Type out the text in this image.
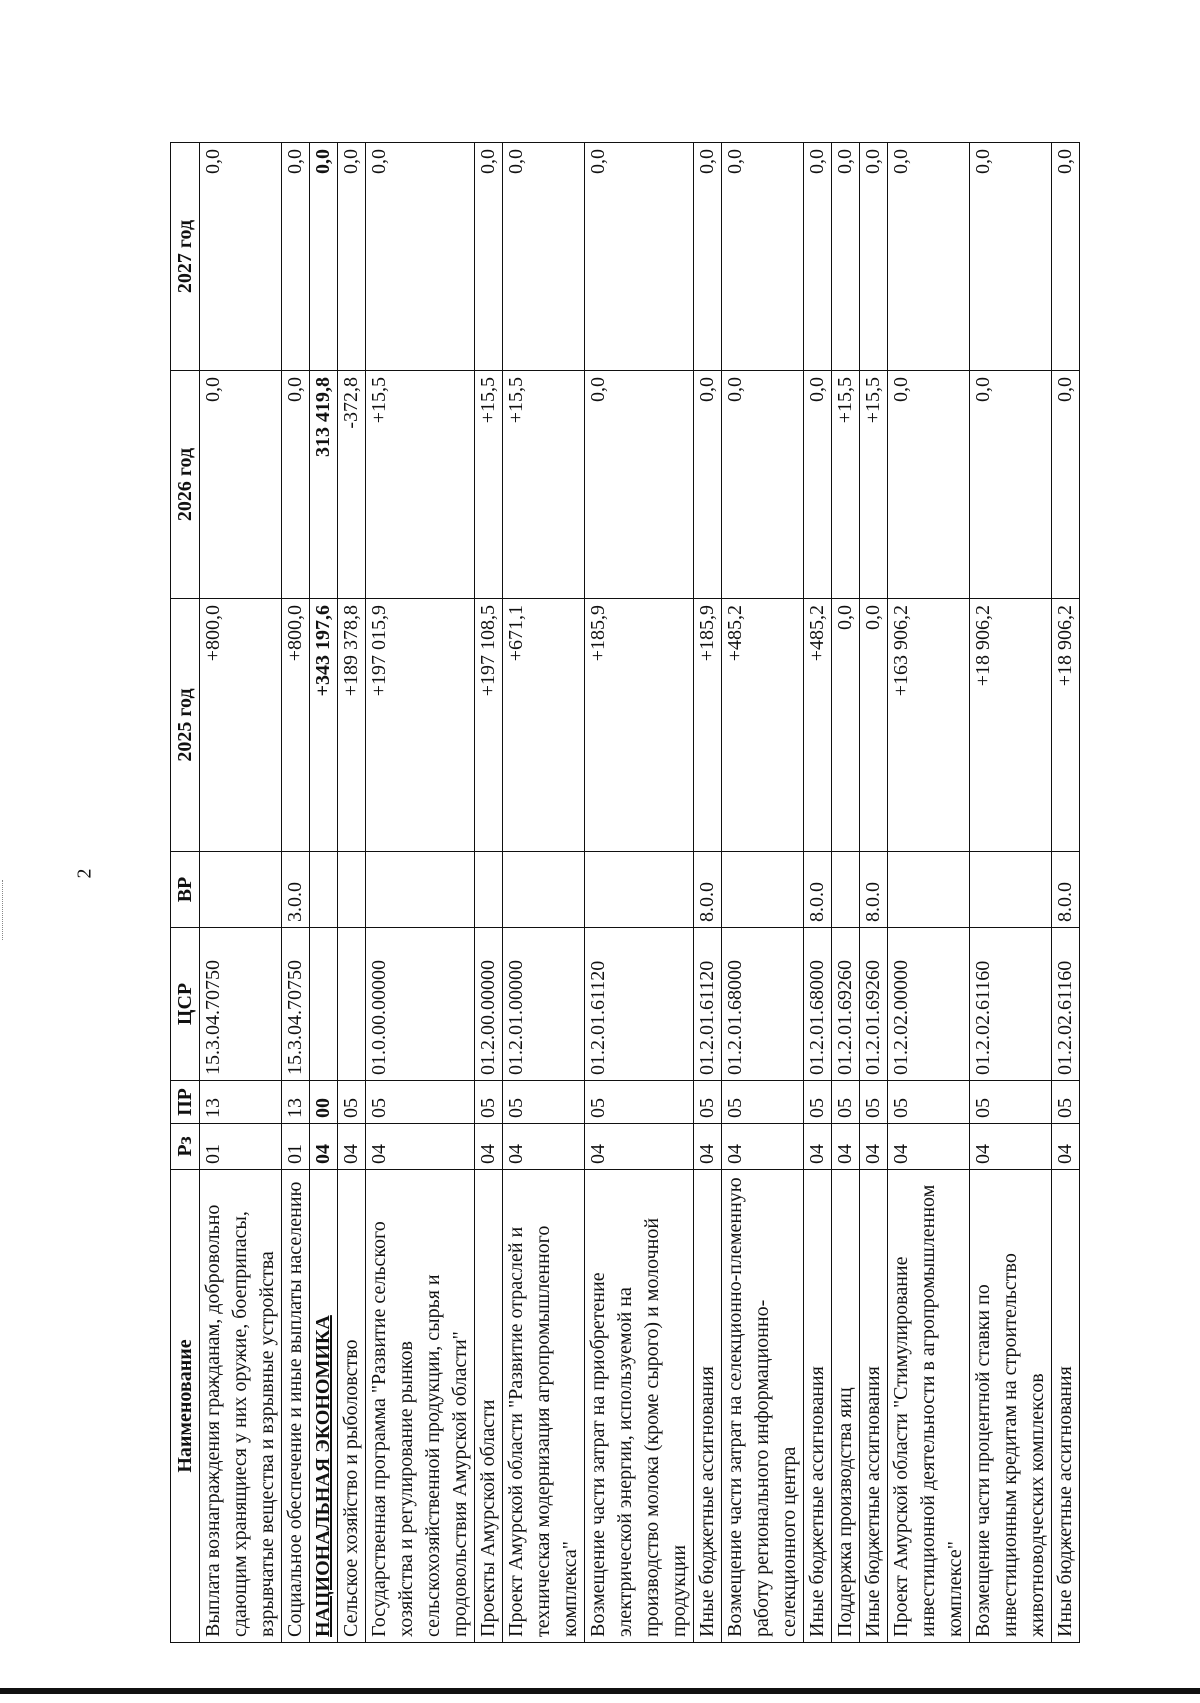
2
Наименование	Рз	ПР	ЦСР	ВР	2025 год	2026 год	2027 год
Выплата вознаграждения гражданам, добровольно сдающим хранящиеся у них оружие, боеприпасы, взрывчатые вещества и взрывные устройства	01	13	15.3.04.70750		+800,0	0,0	0,0
Социальное обеспечение и иные выплаты населению	01	13	15.3.04.70750	3.0.0	+800,0	0,0	0,0
НАЦИОНАЛЬНАЯ ЭКОНОМИКА	04	00			+343 197,6	313 419,8	0,0
Сельское хозяйство и рыболовство	04	05			+189 378,8	-372,8	0,0
Государственная программа "Развитие сельского хозяйства и регулирование рынков сельскохозяйственной продукции, сырья и продовольствия Амурской области"	04	05	01.0.00.00000		+197 015,9	+15,5	0,0
Проекты Амурской области	04	05	01.2.00.00000		+197 108,5	+15,5	0,0
Проект Амурской области "Развитие отраслей и техническая модернизация агропромышленного комплекса"	04	05	01.2.01.00000		+671,1	+15,5	0,0
Возмещение части затрат на приобретение электрической энергии, используемой на производство молока (кроме сырого) и молочной продукции	04	05	01.2.01.61120		+185,9	0,0	0,0
Иные бюджетные ассигнования	04	05	01.2.01.61120	8.0.0	+185,9	0,0	0,0
Возмещение части затрат на селекционно-племенную работу регионального информационно-селекционного центра	04	05	01.2.01.68000		+485,2	0,0	0,0
Иные бюджетные ассигнования	04	05	01.2.01.68000	8.0.0	+485,2	0,0	0,0
Поддержка производства яиц	04	05	01.2.01.69260		0,0	+15,5	0,0
Иные бюджетные ассигнования	04	05	01.2.01.69260	8.0.0	0,0	+15,5	0,0
Проект Амурской области "Стимулирование инвестиционной деятельности в агропромышленном комплексе"	04	05	01.2.02.00000		+163 906,2	0,0	0,0
Возмещение части процентной ставки по инвестиционным кредитам на строительство животноводческих комплексов	04	05	01.2.02.61160		+18 906,2	0,0	0,0
Иные бюджетные ассигнования	04	05	01.2.02.61160	8.0.0	+18 906,2	0,0	0,0
